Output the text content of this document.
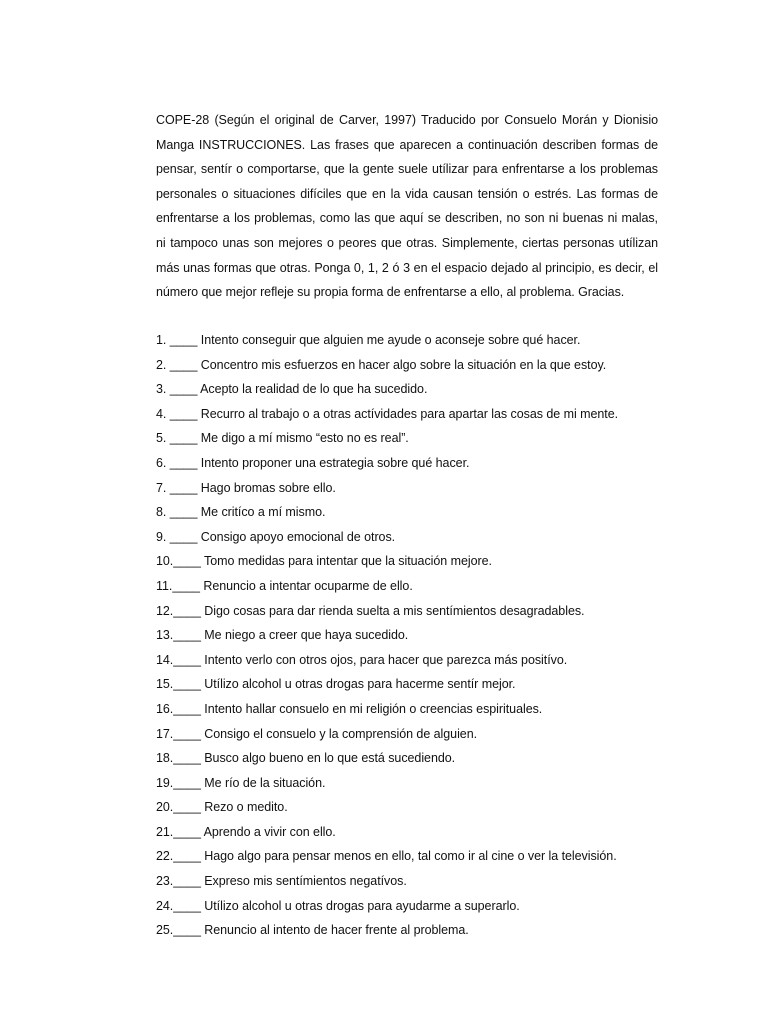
COPE-28 (Según el original de Carver, 1997) Traducido por Consuelo Morán y Dionisio Manga INSTRUCCIONES. Las frases que aparecen a continuación describen formas de pensar, sentír o comportarse, que la gente suele utílizar para enfrentarse a los problemas personales o situaciones difíciles que en la vida causan tensión o estrés. Las formas de enfrentarse a los problemas, como las que aquí se describen, no son ni buenas ni malas, ni tampoco unas son mejores o peores que otras. Simplemente, ciertas personas utílizan más unas formas que otras. Ponga 0, 1, 2 ó 3 en el espacio dejado al principio, es decir, el número que mejor refleje su propia forma de enfrentarse a ello, al problema. Gracias.

1. ____ Intento conseguir que alguien me ayude o aconseje sobre qué hacer.
2. ____ Concentro mis esfuerzos en hacer algo sobre la situación en la que estoy.
3. ____ Acepto la realidad de lo que ha sucedido.
4. ____ Recurro al trabajo o a otras actívidades para apartar las cosas de mi mente.
5. ____ Me digo a mí mismo “esto no es real”.
6. ____ Intento proponer una estrategia sobre qué hacer.
7. ____ Hago bromas sobre ello.
8. ____ Me critíco a mí mismo.
9. ____ Consigo apoyo emocional de otros.
10.____ Tomo medidas para intentar que la situación mejore.
11.____ Renuncio a intentar ocuparme de ello.
12.____ Digo cosas para dar rienda suelta a mis sentímientos desagradables.
13.____ Me niego a creer que haya sucedido.
14.____ Intento verlo con otros ojos, para hacer que parezca más positívo.
15.____ Utílizo alcohol u otras drogas para hacerme sentír mejor.
16.____ Intento hallar consuelo en mi religión o creencias espirituales.
17.____ Consigo el consuelo y la comprensión de alguien.
18.____ Busco algo bueno en lo que está sucediendo.
19.____ Me río de la situación.
20.____ Rezo o medito.
21.____ Aprendo a vivir con ello.
22.____ Hago algo para pensar menos en ello, tal como ir al cine o ver la televisión.
23.____ Expreso mis sentímientos negatívos.
24.____ Utílizo alcohol u otras drogas para ayudarme a superarlo.
25.____ Renuncio al intento de hacer frente al problema.
